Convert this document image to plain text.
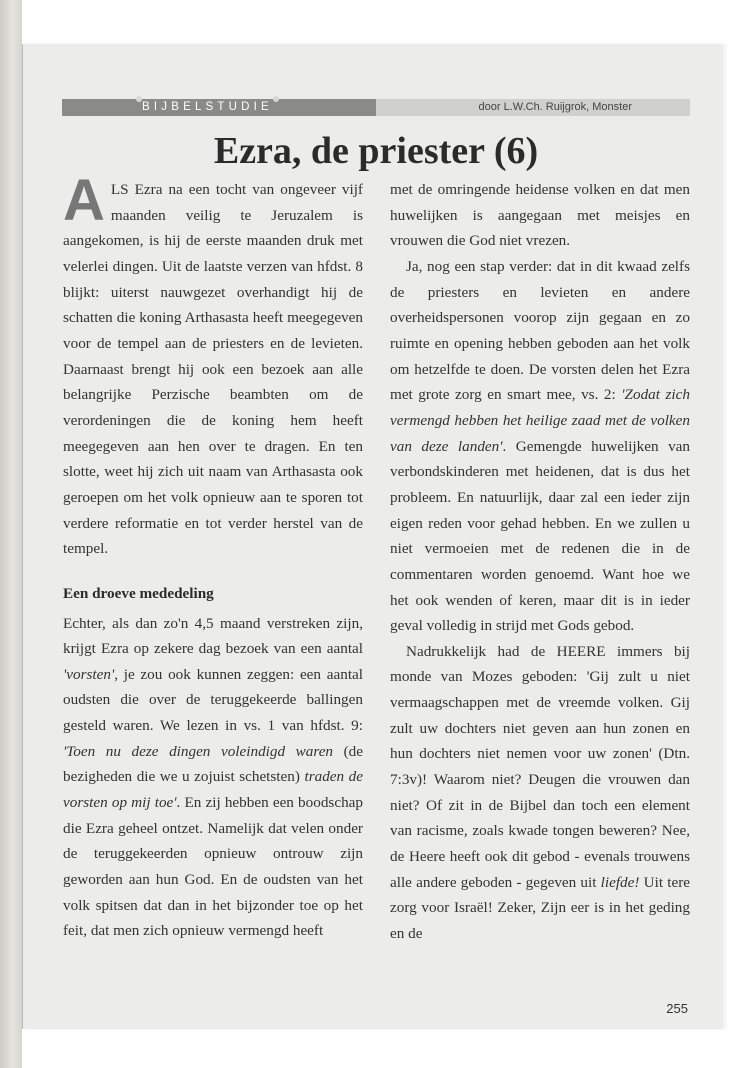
BIJBELSTUDIE	door L.W.Ch. Ruijgrok, Monster
Ezra, de priester (6)

ALS Ezra na een tocht van ongeveer vijf maanden veilig te Jeruzalem is aangekomen, is hij de eerste maanden druk met velerlei dingen. Uit de laatste verzen van hfdst. 8 blijkt: uiterst nauwgezet overhandigt hij de schatten die koning Arthasasta heeft meegegeven voor de tempel aan de priesters en de levieten. Daarnaast brengt hij ook een bezoek aan alle belangrijke Perzische beambten om de verordeningen die de koning hem heeft meegegeven aan hen over te dragen. En ten slotte, weet hij zich uit naam van Arthasasta ook geroepen om het volk opnieuw aan te sporen tot verdere reformatie en tot verder herstel van de tempel.

Een droeve mededeling

Echter, als dan zo'n 4,5 maand verstreken zijn, krijgt Ezra op zekere dag bezoek van een aantal 'vorsten', je zou ook kunnen zeggen: een aantal oudsten die over de teruggekeerde ballingen gesteld waren. We lezen in vs. 1 van hfdst. 9: 'Toen nu deze dingen voleindigd waren (de bezigheden die we u zojuist schetsten) traden de vorsten op mij toe'. En zij hebben een boodschap die Ezra geheel ontzet. Namelijk dat velen onder de teruggekeerden opnieuw ontrouw zijn geworden aan hun God. En de oudsten van het volk spitsen dat dan in het bijzonder toe op het feit, dat men zich opnieuw vermengd heeft

met de omringende heidense volken en dat men huwelijken is aangegaan met meisjes en vrouwen die God niet vrezen.

Ja, nog een stap verder: dat in dit kwaad zelfs de priesters en levieten en andere overheidspersonen voorop zijn gegaan en zo ruimte en opening hebben geboden aan het volk om hetzelfde te doen. De vorsten delen het Ezra met grote zorg en smart mee, vs. 2: 'Zodat zich vermengd hebben het heilige zaad met de volken van deze landen'. Gemengde huwelijken van verbondskinderen met heidenen, dat is dus het probleem. En natuurlijk, daar zal een ieder zijn eigen reden voor gehad hebben. En we zullen u niet vermoeien met de redenen die in de commentaren worden genoemd. Want hoe we het ook wenden of keren, maar dit is in ieder geval volledig in strijd met Gods gebod.

Nadrukkelijk had de HEERE immers bij monde van Mozes geboden: 'Gij zult u niet vermaagschappen met de vreemde volken. Gij zult uw dochters niet geven aan hun zonen en hun dochters niet nemen voor uw zonen' (Dtn. 7:3v)! Waarom niet? Deugen die vrouwen dan niet? Of zit in de Bijbel dan toch een element van racisme, zoals kwade tongen beweren? Nee, de Heere heeft ook dit gebod - evenals trouwens alle andere geboden - gegeven uit liefde! Uit tere zorg voor Israël! Zeker, Zijn eer is in het geding en de

255
